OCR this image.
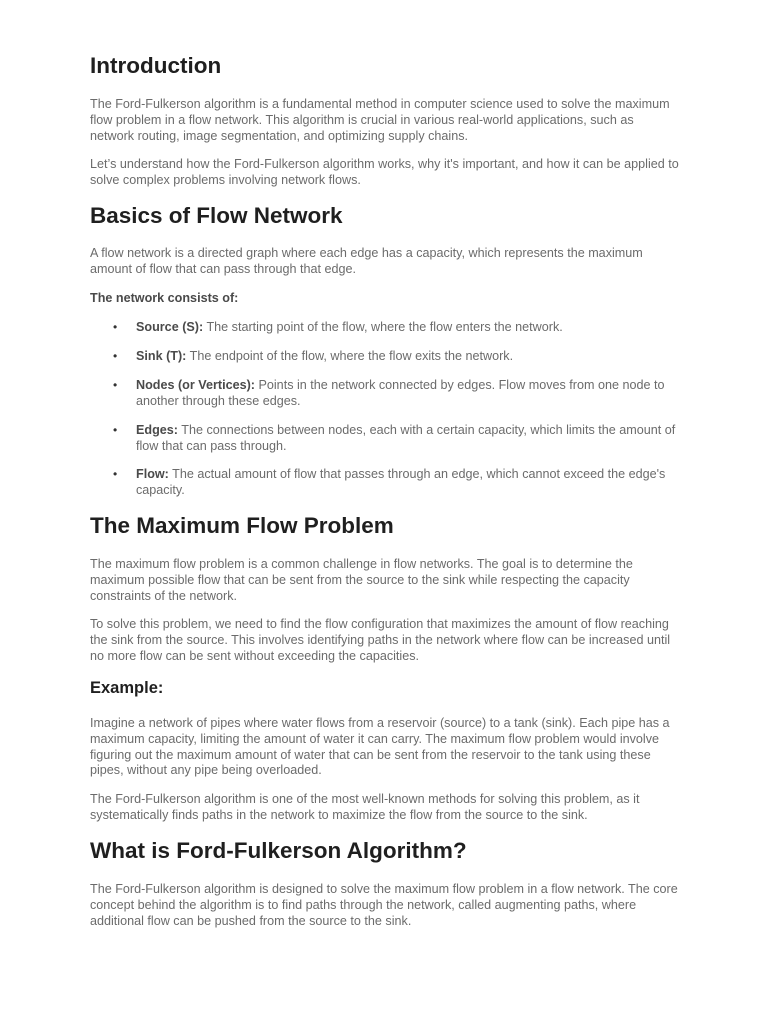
Introduction

The Ford-Fulkerson algorithm is a fundamental method in computer science used to solve the maximum flow problem in a flow network. This algorithm is crucial in various real-world applications, such as network routing, image segmentation, and optimizing supply chains.

Let’s understand how the Ford-Fulkerson algorithm works, why it's important, and how it can be applied to solve complex problems involving network flows.

Basics of Flow Network

A flow network is a directed graph where each edge has a capacity, which represents the maximum amount of flow that can pass through that edge.

The network consists of:

• Source (S): The starting point of the flow, where the flow enters the network.
• Sink (T): The endpoint of the flow, where the flow exits the network.
• Nodes (or Vertices): Points in the network connected by edges. Flow moves from one node to another through these edges.
• Edges: The connections between nodes, each with a certain capacity, which limits the amount of flow that can pass through.
• Flow: The actual amount of flow that passes through an edge, which cannot exceed the edge's capacity.
The Maximum Flow Problem

The maximum flow problem is a common challenge in flow networks. The goal is to determine the maximum possible flow that can be sent from the source to the sink while respecting the capacity constraints of the network.

To solve this problem, we need to find the flow configuration that maximizes the amount of flow reaching the sink from the source. This involves identifying paths in the network where flow can be increased until no more flow can be sent without exceeding the capacities.

Example:

Imagine a network of pipes where water flows from a reservoir (source) to a tank (sink). Each pipe has a maximum capacity, limiting the amount of water it can carry. The maximum flow problem would involve figuring out the maximum amount of water that can be sent from the reservoir to the tank using these pipes, without any pipe being overloaded.

The Ford-Fulkerson algorithm is one of the most well-known methods for solving this problem, as it systematically finds paths in the network to maximize the flow from the source to the sink.

What is Ford-Fulkerson Algorithm?

The Ford-Fulkerson algorithm is designed to solve the maximum flow problem in a flow network. The core concept behind the algorithm is to find paths through the network, called augmenting paths, where additional flow can be pushed from the source to the sink.
